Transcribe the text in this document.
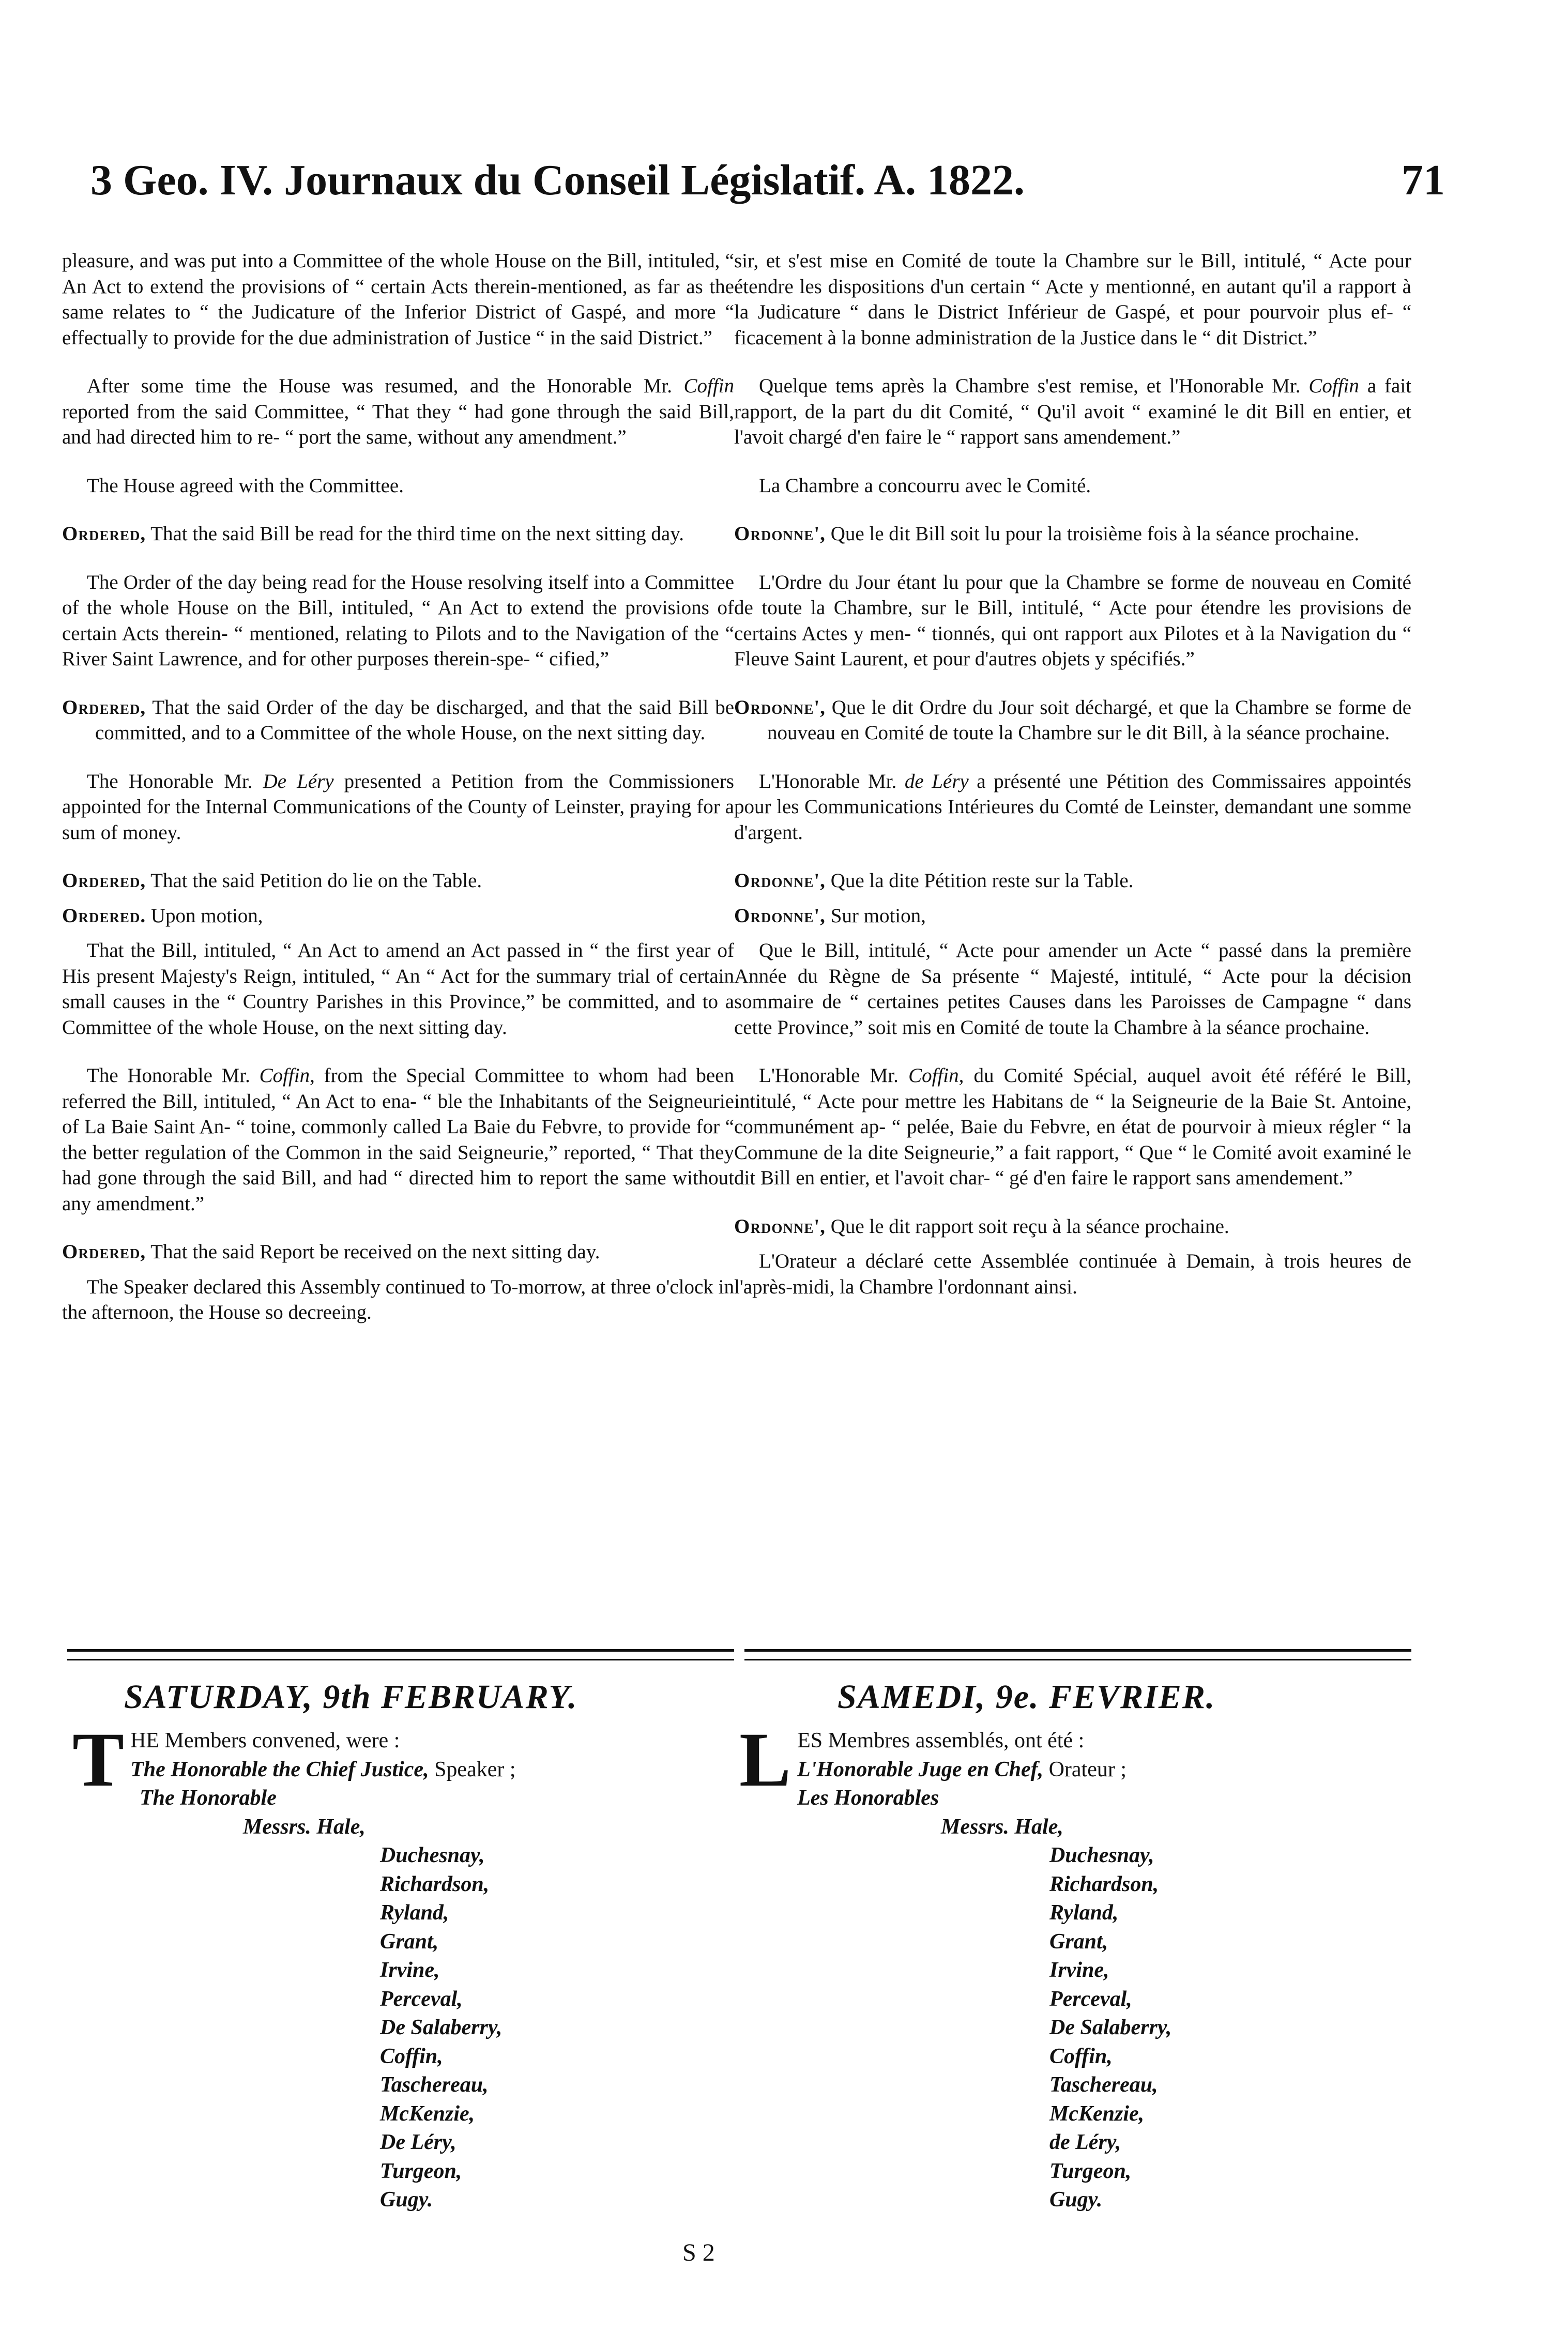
3 Geo. IV. Journaux du Conseil Législatif. A. 1822.	71

pleasure, and was put into a Committee of the whole House on the Bill, intituled, “ An Act to extend the provisions of “ certain Acts therein-mentioned, as far as the same relates to “ the Judicature of the Inferior District of Gaspé, and more “ effectually to provide for the due administration of Justice “ in the said District.”

After some time the House was resumed, and the Honorable Mr. Coffin reported from the said Committee, “ That they “ had gone through the said Bill, and had directed him to re- “ port the same, without any amendment.”

The House agreed with the Committee.

Ordered, That the said Bill be read for the third time on the next sitting day.

The Order of the day being read for the House resolving itself into a Committee of the whole House on the Bill, intituled, “ An Act to extend the provisions of certain Acts therein- “ mentioned, relating to Pilots and to the Navigation of the “ River Saint Lawrence, and for other purposes therein-spe- “ cified,”

Ordered, That the said Order of the day be discharged, and that the said Bill be committed, and to a Committee of the whole House, on the next sitting day.

The Honorable Mr. De Léry presented a Petition from the Commissioners appointed for the Internal Communications of the County of Leinster, praying for a sum of money.

Ordered, That the said Petition do lie on the Table.

Ordered. Upon motion,

That the Bill, intituled, “ An Act to amend an Act passed in “ the first year of His present Majesty's Reign, intituled, “ An “ Act for the summary trial of certain small causes in the “ Country Parishes in this Province,” be committed, and to a Committee of the whole House, on the next sitting day.

The Honorable Mr. Coffin, from the Special Committee to whom had been referred the Bill, intituled, “ An Act to ena- “ ble the Inhabitants of the Seigneurie of La Baie Saint An- “ toine, commonly called La Baie du Febvre, to provide for “ the better regulation of the Common in the said Seigneurie,” reported, “ That they had gone through the said Bill, and had “ directed him to report the same without any amendment.”

Ordered, That the said Report be received on the next sitting day.

The Speaker declared this Assembly continued to To-morrow, at three o'clock in the afternoon, the House so decreeing.

sir, et s'est mise en Comité de toute la Chambre sur le Bill, intitulé, “ Acte pour étendre les dispositions d'un certain “ Acte y mentionné, en autant qu'il a rapport à la Judicature “ dans le District Inférieur de Gaspé, et pour pourvoir plus ef- “ ficacement à la bonne administration de la Justice dans le “ dit District.”

Quelque tems après la Chambre s'est remise, et l'Honorable Mr. Coffin a fait rapport, de la part du dit Comité, “ Qu'il avoit “ examiné le dit Bill en entier, et l'avoit chargé d'en faire le “ rapport sans amendement.”

La Chambre a concourru avec le Comité.

Ordonne', Que le dit Bill soit lu pour la troisième fois à la séance prochaine.

L'Ordre du Jour étant lu pour que la Chambre se forme de nouveau en Comité de toute la Chambre, sur le Bill, intitulé, “ Acte pour étendre les provisions de certains Actes y men- “ tionnés, qui ont rapport aux Pilotes et à la Navigation du “ Fleuve Saint Laurent, et pour d'autres objets y spécifiés.”

Ordonne', Que le dit Ordre du Jour soit déchargé, et que la Chambre se forme de nouveau en Comité de toute la Chambre sur le dit Bill, à la séance prochaine.

L'Honorable Mr. de Léry a présenté une Pétition des Commissaires appointés pour les Communications Intérieures du Comté de Leinster, demandant une somme d'argent.

Ordonne', Que la dite Pétition reste sur la Table.

Ordonne', Sur motion,

Que le Bill, intitulé, “ Acte pour amender un Acte “ passé dans la première Année du Règne de Sa présente “ Majesté, intitulé, “ Acte pour la décision sommaire de “ certaines petites Causes dans les Paroisses de Campagne “ dans cette Province,” soit mis en Comité de toute la Chambre à la séance prochaine.

L'Honorable Mr. Coffin, du Comité Spécial, auquel avoit été référé le Bill, intitulé, “ Acte pour mettre les Habitans de “ la Seigneurie de la Baie St. Antoine, communément ap- “ pelée, Baie du Febvre, en état de pourvoir à mieux régler “ la Commune de la dite Seigneurie,” a fait rapport, “ Que “ le Comité avoit examiné le dit Bill en entier, et l'avoit char- “ gé d'en faire le rapport sans amendement.”

Ordonne', Que le dit rapport soit reçu à la séance prochaine.

L'Orateur a déclaré cette Assemblée continuée à Demain, à trois heures de l'après-midi, la Chambre l'ordonnant ainsi.

SATURDAY, 9th FEBRUARY.	SAMEDI, 9e. FEVRIER.
T HE Members convened, were :
The Honorable the Chief Justice, Speaker ;
The Honorable
Messrs. Hale,
Duchesnay,
Richardson,
Ryland,
Grant,
Irvine,
Perceval,
De Salaberry,
Coffin,
Taschereau,
McKenzie,
De Léry,
Turgeon,
Gugy.
L ES Membres assemblés, ont été :
L'Honorable Juge en Chef, Orateur ;
Les Honorables
Messrs. Hale,
Duchesnay,
Richardson,
Ryland,
Grant,
Irvine,
Perceval,
De Salaberry,
Coffin,
Taschereau,
McKenzie,
de Léry,
Turgeon,
Gugy.
S 2
